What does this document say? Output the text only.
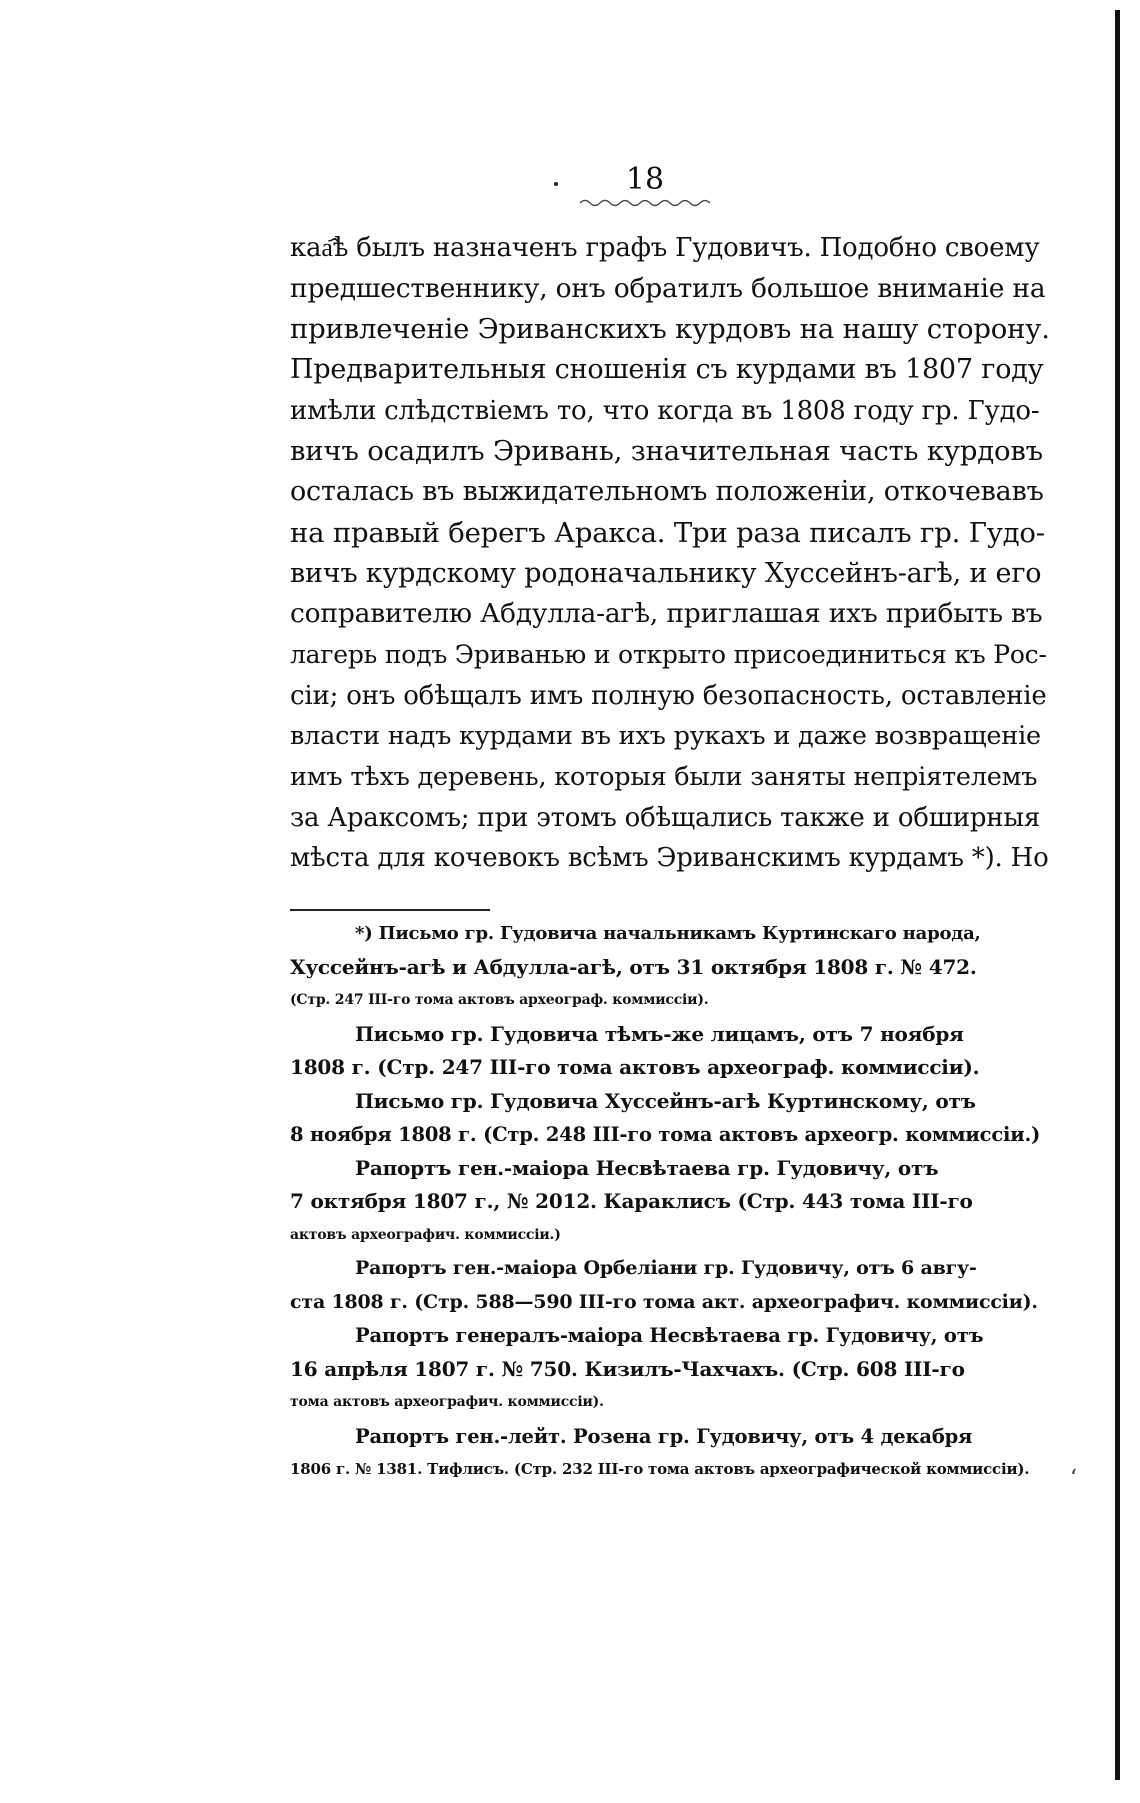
18
каа҄ѣ былъ назначенъ графъ Гудовичъ. Подобно своему
предшественнику, онъ обратилъ большое вниманіе на
привлеченіе Эриванскихъ курдовъ на нашу сторону.
Предварительныя сношенія съ курдами въ 1807 году
имѣли слѣдствіемъ то, что когда въ 1808 году гр. Гудо-
вичъ осадилъ Эривань, значительная часть курдовъ
осталась въ выжидательномъ положеніи, откочевавъ
на правый берегъ Аракса. Три раза писалъ гр. Гудо-
вичъ курдскому родоначальнику Хуссейнъ-агѣ, и его
соправителю Абдулла-агѣ, приглашая ихъ прибыть въ
лагерь подъ Эриванью и открыто присоединиться къ Рос-
сіи; онъ обѣщалъ имъ полную безопасность, оставленіе
власти надъ курдами въ ихъ рукахъ и даже возвращеніе
имъ тѣхъ деревень, которыя были заняты непріятелемъ
за Араксомъ; при этомъ обѣщались также и обширныя
мѣста для кочевокъ всѣмъ Эриванскимъ курдамъ *). Но
*) Письмо гр. Гудовича начальникамъ Куртинскаго народа,
Хуссейнъ-агѣ и Абдулла-агѣ, отъ 31 октября 1808 г. № 472.
(Стр. 247 III-го тома актовъ археограф. коммиссіи).
Письмо гр. Гудовича тѣмъ-же лицамъ, отъ 7 ноября
1808 г. (Стр. 247 III-го тома актовъ археограф. коммиссіи).
Письмо гр. Гудовича Хуссейнъ-агѣ Куртинскому, отъ
8 ноября 1808 г. (Стр. 248 III-го тома актовъ археогр. коммиссіи.)
Рапортъ ген.-маіора Несвѣтаева гр. Гудовичу, отъ
7 октября 1807 г., № 2012. Караклисъ (Стр. 443 тома III-го
актовъ археографич. коммиссіи.)
Рапортъ ген.-маіора Орбеліани гр. Гудовичу, отъ 6 авгу-
ста 1808 г. (Стр. 588—590 III-го тома акт. археографич. коммиссіи).
Рапортъ генералъ-маіора Несвѣтаева гр. Гудовичу, отъ
16 апрѣля 1807 г. № 750. Кизилъ-Чахчахъ. (Стр. 608 III-го
тома актовъ археографич. коммиссіи).
Рапортъ ген.-лейт. Розена гр. Гудовичу, отъ 4 декабря
1806 г. № 1381. Тифлисъ. (Стр. 232 III-го тома актовъ археографической коммиссіи).	ʻ
